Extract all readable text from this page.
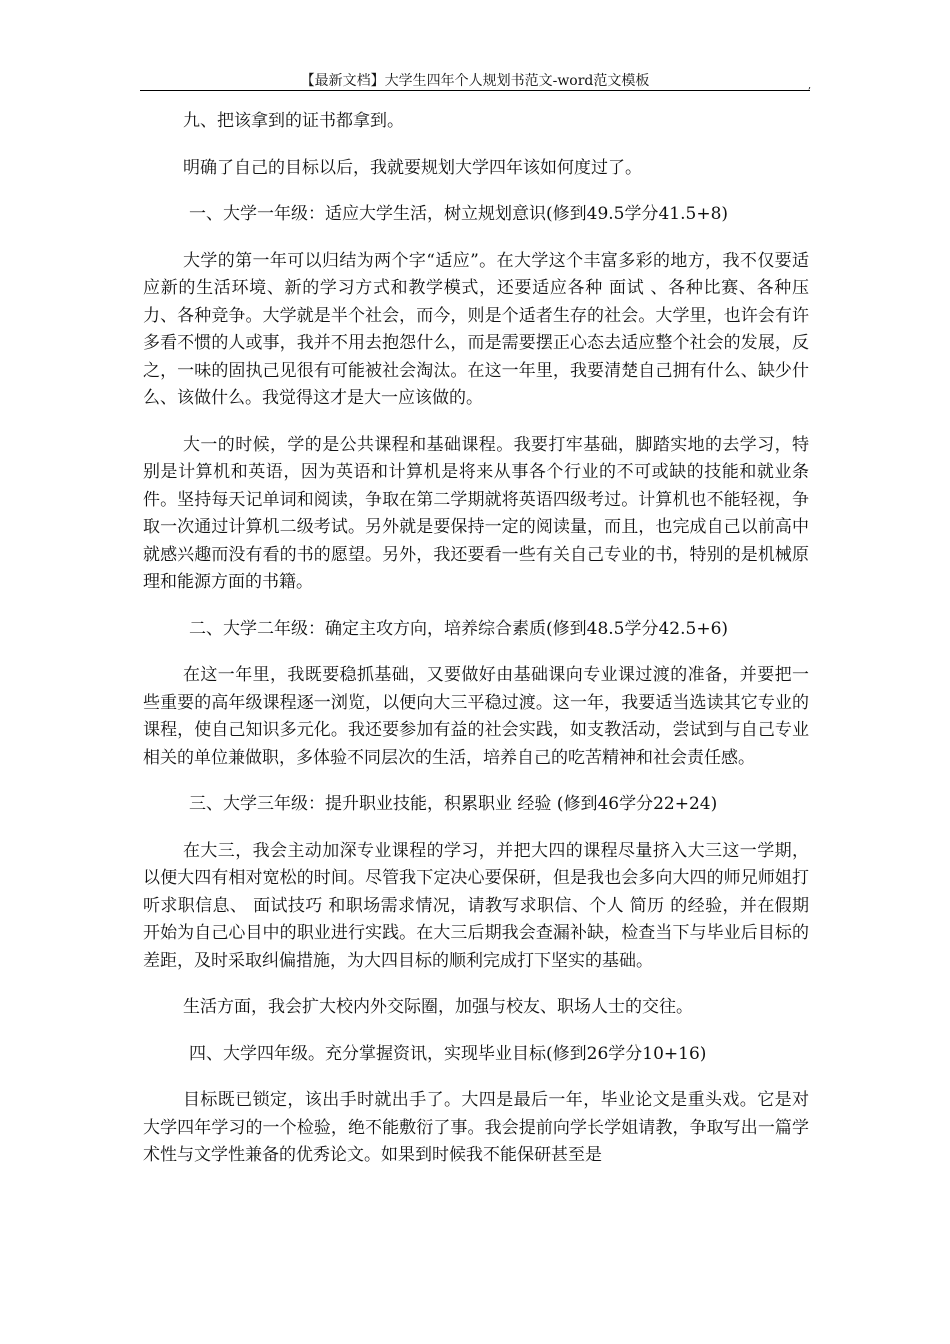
【最新文档】大学生四年个人规划书范文-word范文模板	,

九、把该拿到的证书都拿到。

明确了自己的目标以后，我就要规划大学四年该如何度过了。

一、大学一年级：适应大学生活，树立规划意识(修到49.5学分41.5+8)

大学的第一年可以归结为两个字“适应”。在大学这个丰富多彩的地方，我不仅要适应新的生活环境、新的学习方式和教学模式，还要适应各种 面试 、各种比赛、各种压力、各种竞争。大学就是半个社会，而今，则是个适者生存的社会。大学里，也许会有许多看不惯的人或事，我并不用去抱怨什么，而是需要摆正心态去适应整个社会的发展，反之，一味的固执己见很有可能被社会淘汰。在这一年里，我要清楚自己拥有什么、缺少什么、该做什么。我觉得这才是大一应该做的。

大一的时候，学的是公共课程和基础课程。我要打牢基础，脚踏实地的去学习，特别是计算机和英语，因为英语和计算机是将来从事各个行业的不可或缺的技能和就业条件。坚持每天记单词和阅读，争取在第二学期就将英语四级考过。计算机也不能轻视，争取一次通过计算机二级考试。另外就是要保持一定的阅读量，而且，也完成自己以前高中就感兴趣而没有看的书的愿望。另外，我还要看一些有关自己专业的书，特别的是机械原理和能源方面的书籍。

二、大学二年级：确定主攻方向，培养综合素质(修到48.5学分42.5+6)

在这一年里，我既要稳抓基础，又要做好由基础课向专业课过渡的准备，并要把一些重要的高年级课程逐一浏览，以便向大三平稳过渡。这一年，我要适当选读其它专业的课程，使自己知识多元化。我还要参加有益的社会实践，如支教活动，尝试到与自己专业相关的单位兼做职，多体验不同层次的生活，培养自己的吃苦精神和社会责任感。

三、大学三年级：提升职业技能，积累职业 经验 (修到46学分22+24)

在大三，我会主动加深专业课程的学习，并把大四的课程尽量挤入大三这一学期，以便大四有相对宽松的时间。尽管我下定决心要保研，但是我也会多向大四的师兄师姐打听求职信息、 面试技巧 和职场需求情况，请教写求职信、个人 简历 的经验，并在假期开始为自己心目中的职业进行实践。在大三后期我会查漏补缺，检查当下与毕业后目标的差距，及时采取纠偏措施，为大四目标的顺利完成打下坚实的基础。

生活方面，我会扩大校内外交际圈，加强与校友、职场人士的交往。

四、大学四年级。充分掌握资讯，实现毕业目标(修到26学分10+16)

目标既已锁定，该出手时就出手了。大四是最后一年，毕业论文是重头戏。它是对大学四年学习的一个检验，绝不能敷衍了事。我会提前向学长学姐请教，争取写出一篇学术性与文学性兼备的优秀论文。如果到时候我不能保研甚至是
